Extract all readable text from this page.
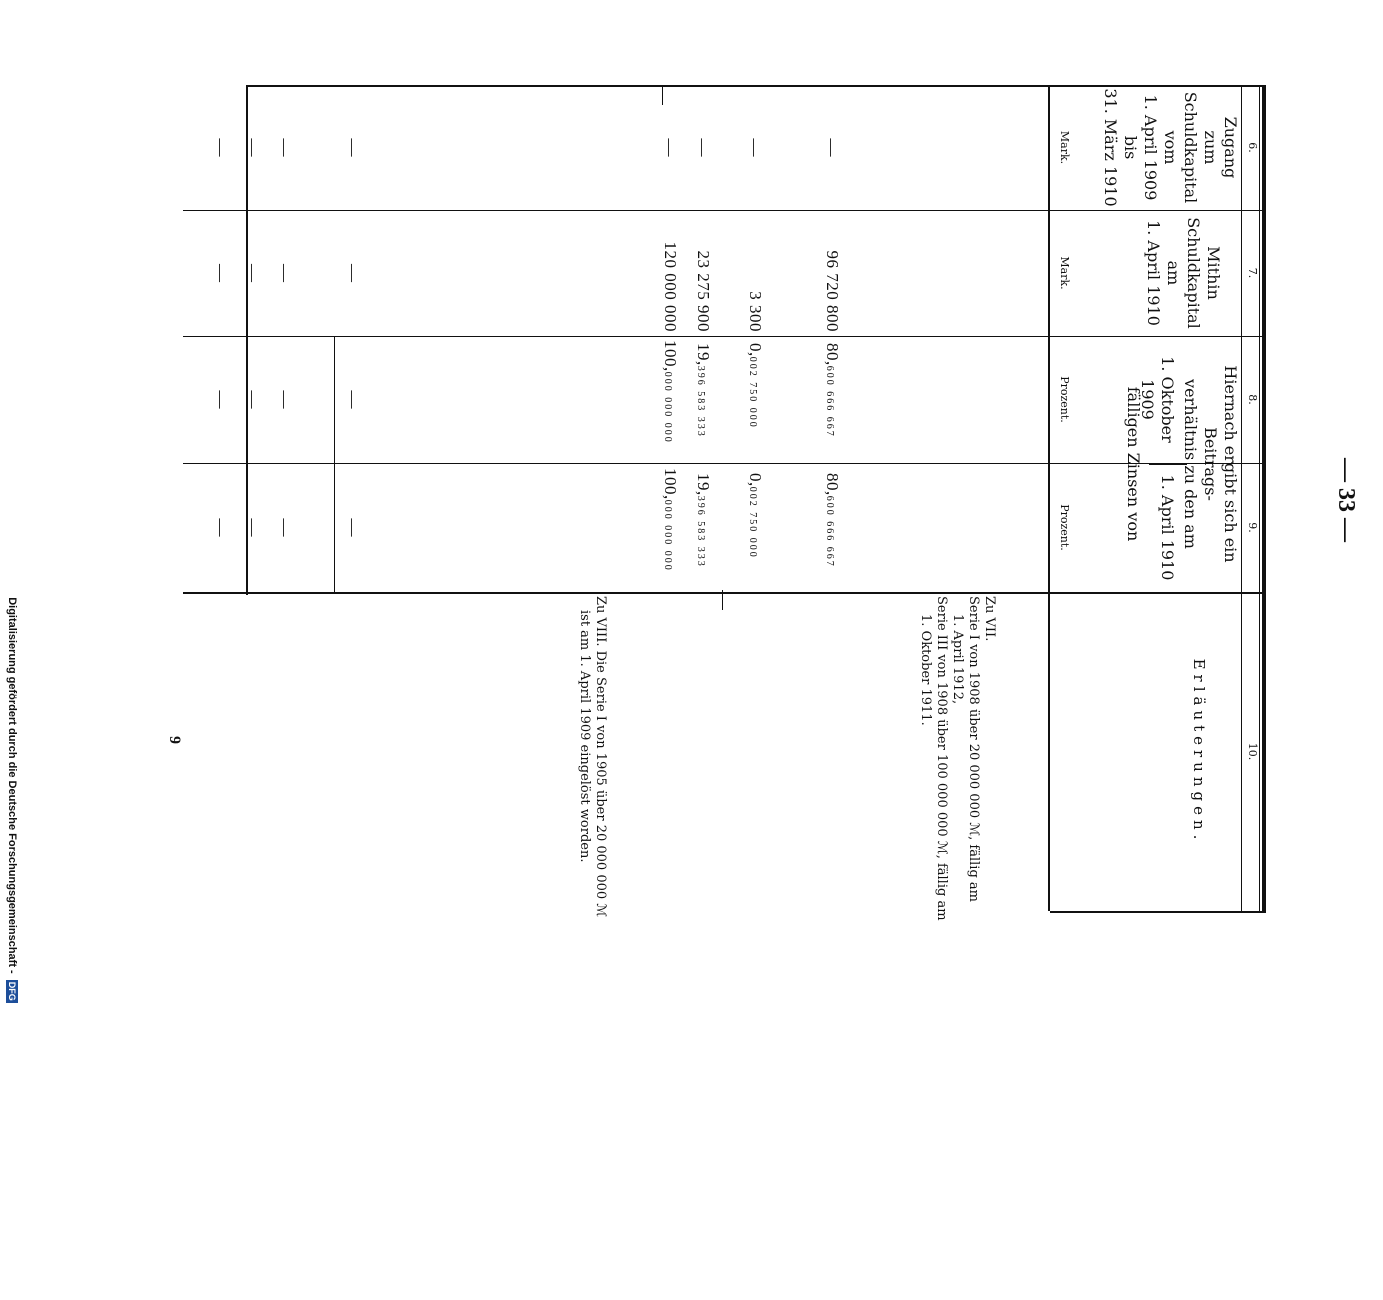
— 33 —
6.
7.
8.
9.
10.
Zugang
zum
Schuldkapital
vom
1. April 1909
bis
31. März 1910
Mithin
Schuldkapital
am
1. April 1910
Hiernach ergibt sich ein Beitrags-
verhältnis zu den am
1. Oktober 1909
1. April 1910
fälligen Zinsen von
Erläuterungen.
Mark.
Mark.
Prozent.
Prozent.
—
96 720 800
80,600 666 667
80,600 666 667
—
3 300
0,002 750 000
0,002 750 000
—
23 275 900
19,396 583 333
19,396 583 333
—
120 000 000
100,000 000 000
100,000 000 000
—
—
—
—
—
—
—
—
—
—
—
—
—
—
—
—
Zu VII.
Serie I von 1908 über 20 000 000 ℳ, fällig am
1. April 1912,
Serie III von 1908 über 100 000 000 ℳ, fällig am
1. Oktober 1911.
Zu VIII. Die Serie I von 1905 über 20 000 000 ℳ
ist am 1. April 1909 eingelöst worden.
9
Digitalisierung gefördert durch die Deutsche Forschungsgemeinschaft - DFG
